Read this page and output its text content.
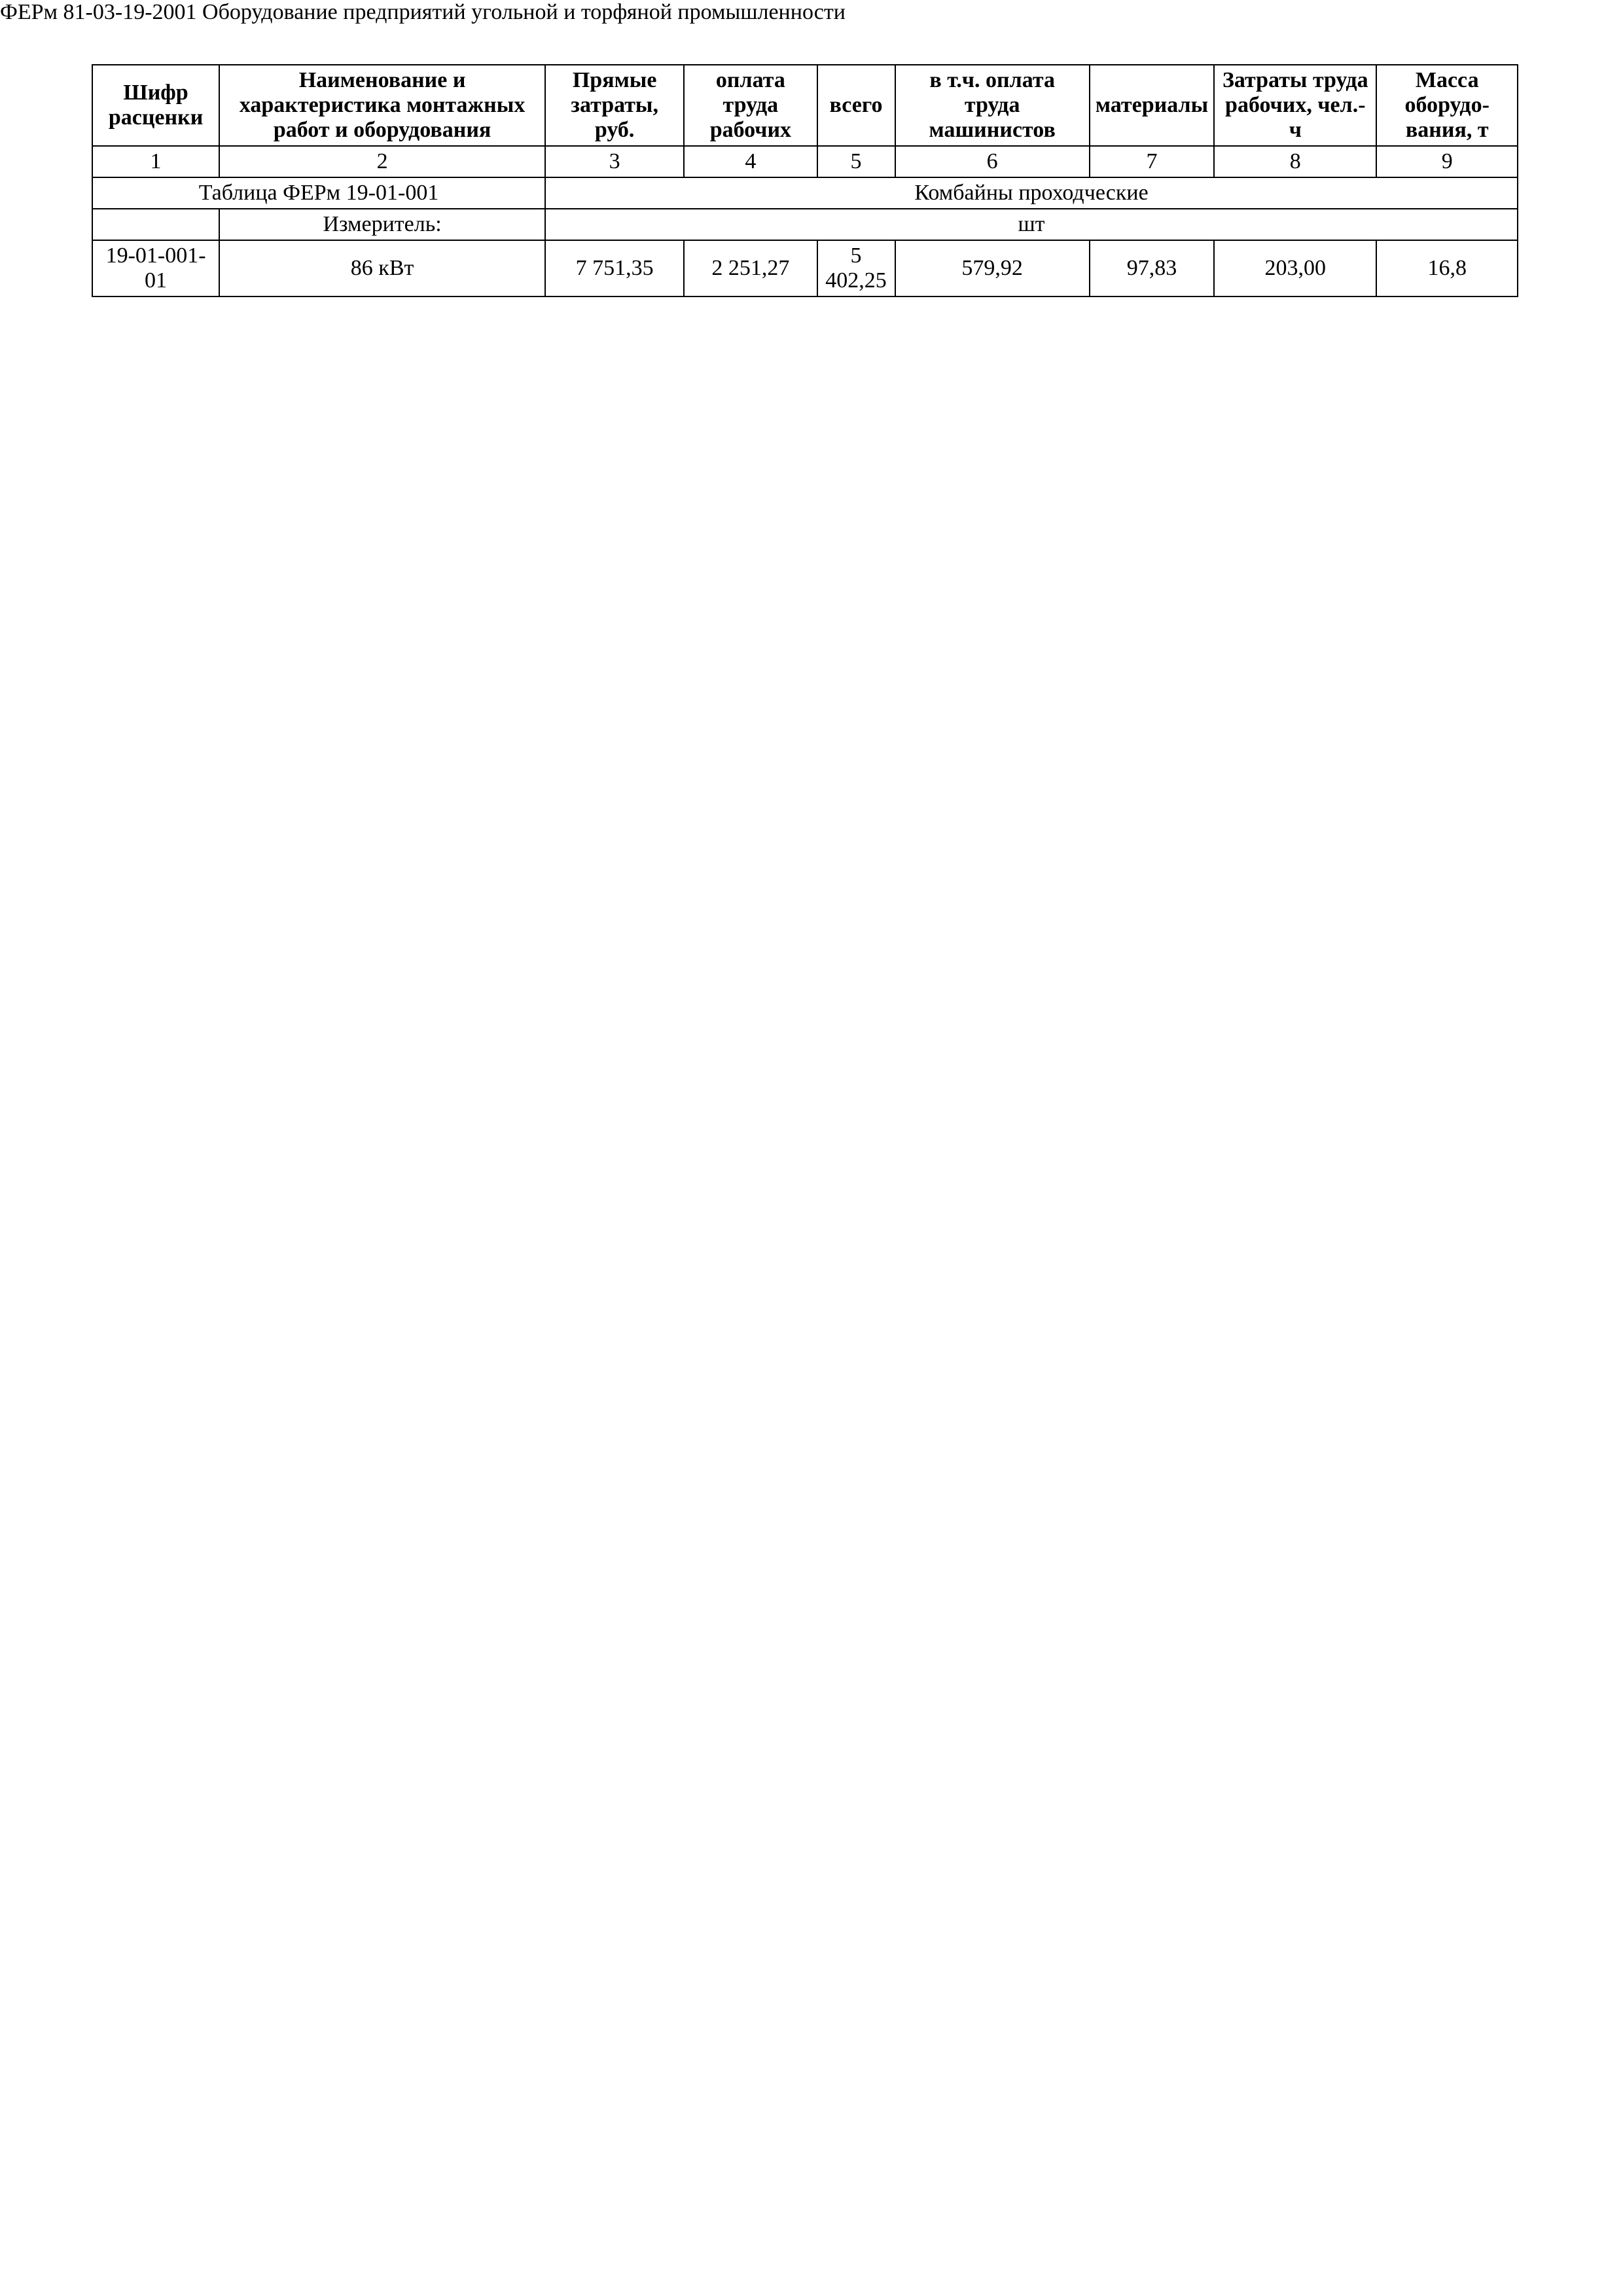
ФЕРм 81-03-19-2001 Оборудование предприятий угольной и торфяной промышленности
Шифр расценки	Наименование и характеристика монтажных работ и оборудования	Прямые затраты, руб.	оплата труда рабочих	всего	в т.ч. оплата труда машинистов	материалы	Затраты труда рабочих, чел.-ч	Масса оборудо-вания, т
1	2	3	4	5	6	7	8	9
Таблица ФЕРм 19-01-001		Комбайны проходческие						
	Измеритель:	шт						
19-01-001-01	86 кВт	7 751,35	2 251,27	5 402,25	579,92	97,83	203,00	16,8
